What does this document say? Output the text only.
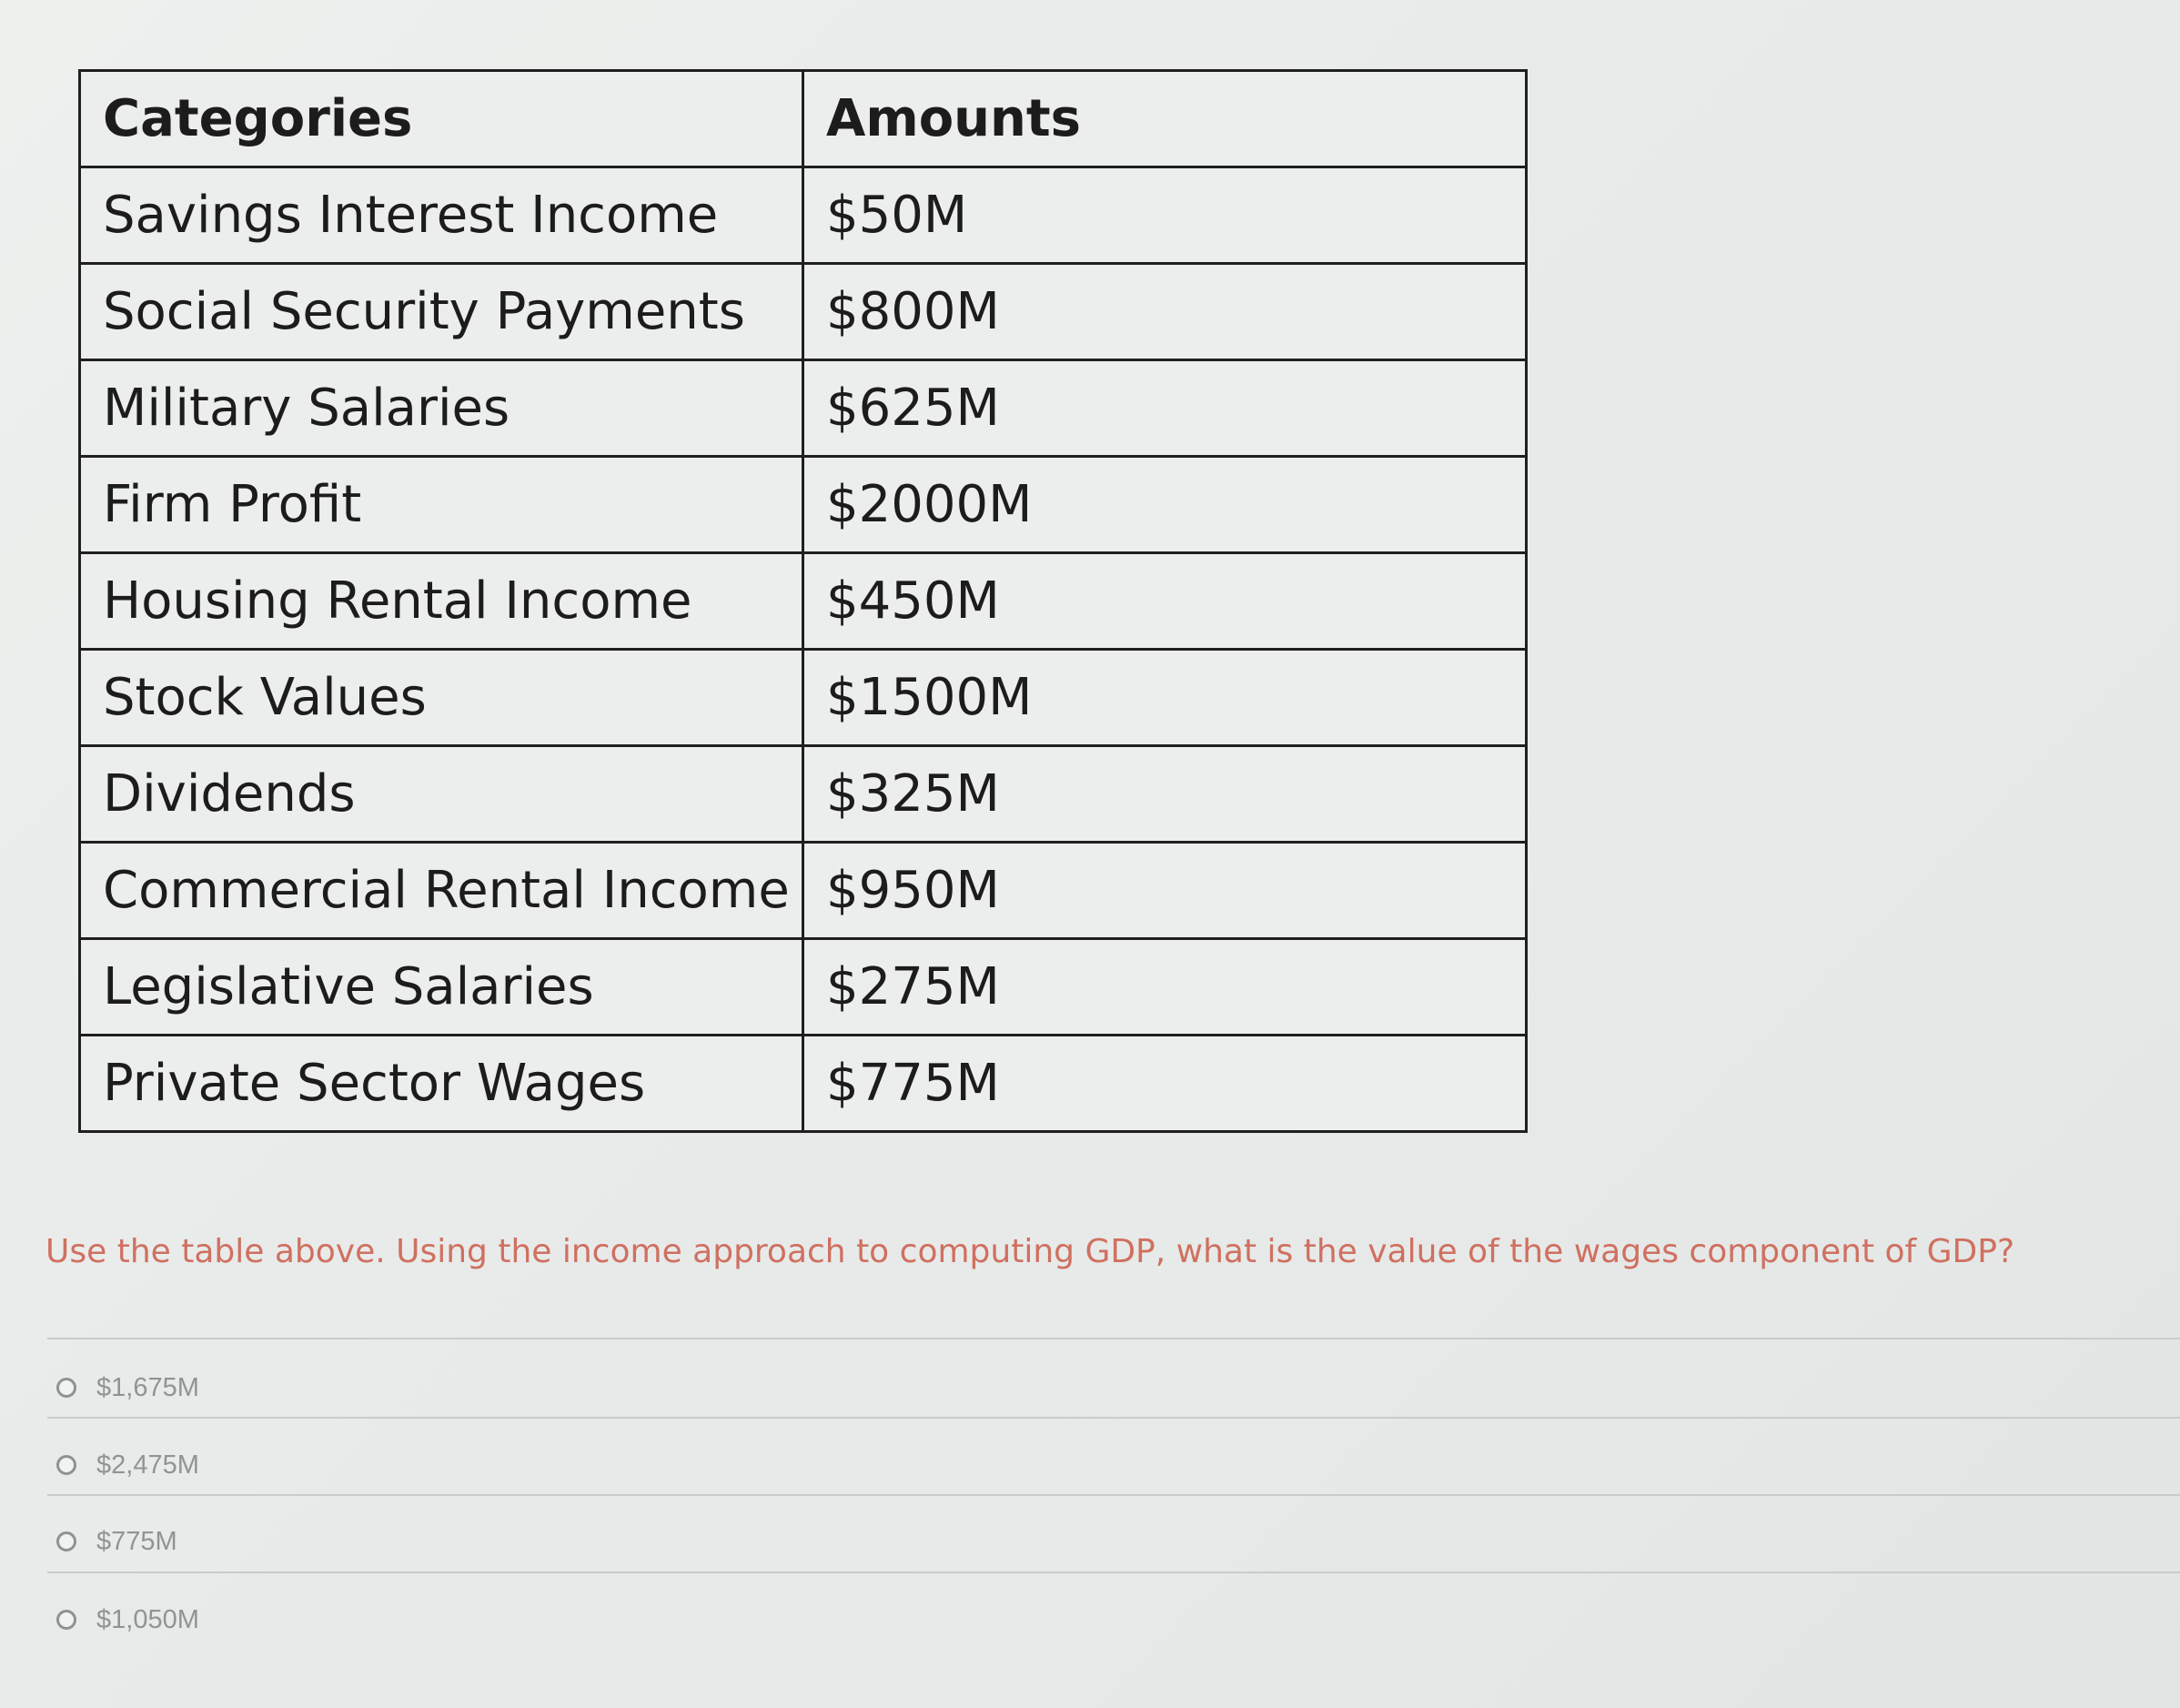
Categories	Amounts
Savings Interest Income	$50M
Social Security Payments	$800M
Military Salaries	$625M
Firm Profit	$2000M
Housing Rental Income	$450M
Stock Values	$1500M
Dividends	$325M
Commercial Rental Income	$950M
Legislative Salaries	$275M
Private Sector Wages	$775M
Use the table above. Using the income approach to computing GDP, what is the value of the wages component of GDP?
$1,675M
$2,475M
$775M
$1,050M
